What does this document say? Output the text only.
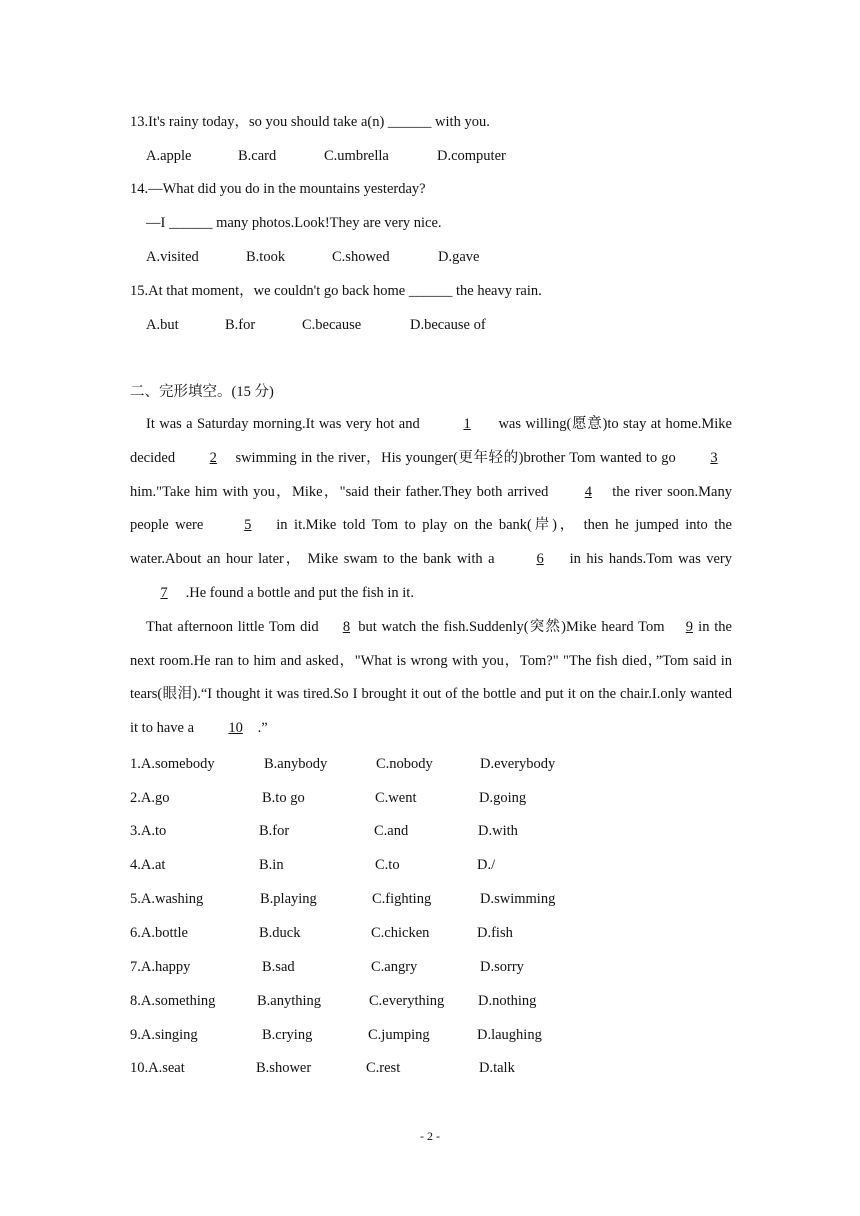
13.It's rainy today，so you should take a(n) ______ with you.
A.apple	B.card	C.umbrella	D.computer
14.—What did you do in the mountains yesterday?
—I ______ many photos.Look!They are very nice.
A.visited	B.took	C.showed	D.gave
15.At that moment，we couldn't go back home ______ the heavy rain.
A.but	B.for	C.because	D.because of
二、完形填空。(15 分)
It was a Saturday morning.It was very hot and	1 was willing(愿意)to stay at home.Mike decided 2 swimming in the river，His younger(更年轻的)brother Tom wanted to go 3 him."Take him with you，Mike，"said their father.They both arrived 4 the river soon.Many people were 5 in it.Mike told Tom to play on the bank(岸)， then he jumped into the water.About an hour later， Mike swam to the bank with a	6 in his hands.Tom was very 7 .He found a bottle and put the fish in it.
That afternoon little Tom did 8 but watch the fish.Suddenly(突然)Mike heard Tom 9 in the next room.He ran to him and asked，"What is wrong with you，Tom?" "The fish died，”Tom said in tears(眼泪).“I thought it was tired.So I brought it out of the bottle and put it on the chair.I.only wanted it to have a 10 .”
1.A.somebody	B.anybody	C.nobody	D.everybody
2.A.go	B.to go	C.went	D.going
3.A.to	B.for	C.and	D.with
4.A.at	B.in	C.to	D./
5.A.washing	B.playing	C.fighting	D.swimming
6.A.bottle	B.duck	C.chicken	D.fish
7.A.happy	B.sad	C.angry	D.sorry
8.A.something	B.anything	C.everything D.nothing
9.A.singing	B.crying	C.jumping	D.laughing
10.A.seat	B.shower	C.rest	D.talk
- 2 -
